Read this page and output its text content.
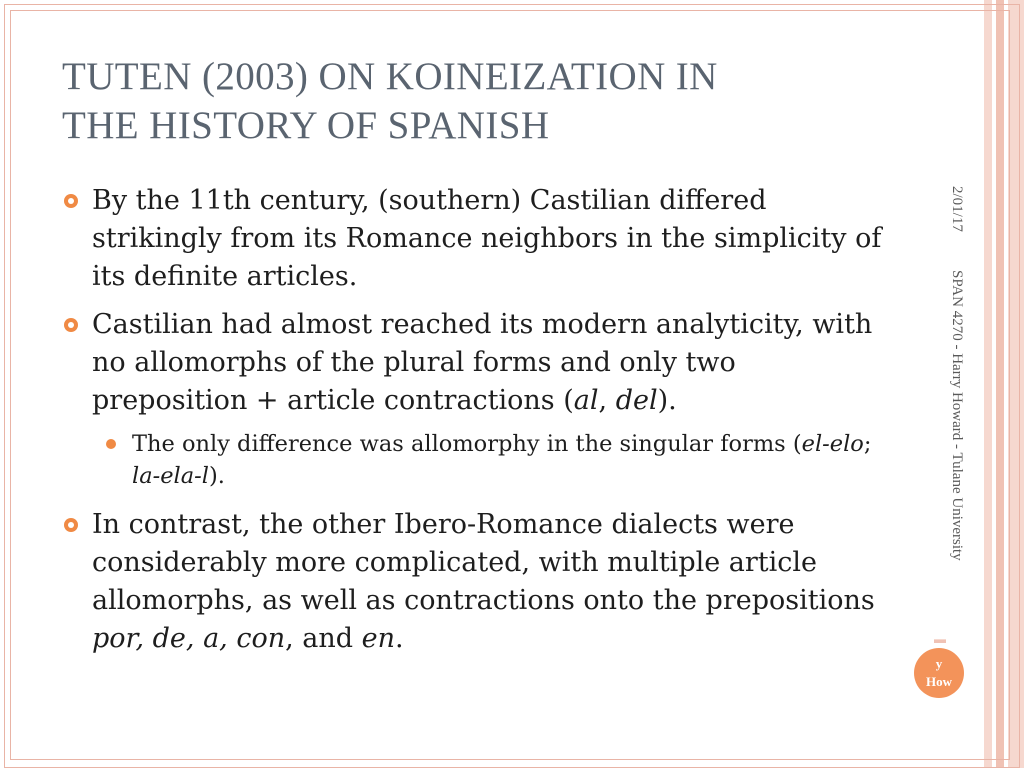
TUTEN (2003) ON KOINEIZATION IN
THE HISTORY OF SPANISH
By the 11th century, (southern) Castilian differed strikingly from its Romance neighbors in the simplicity of its definite articles.
Castilian had almost reached its modern analyticity, with no allomorphs of the plural forms and only two preposition + article contractions (al, del).
The only difference was allomorphy in the singular forms (el-elo; la-ela-l).
In contrast, the other Ibero-Romance dialects were considerably more complicated, with multiple article allomorphs, as well as contractions onto the prepositions por, de, a, con, and en.
2/01/17
SPAN 4270 - Harry Howard - Tulane University
▬
y
How
